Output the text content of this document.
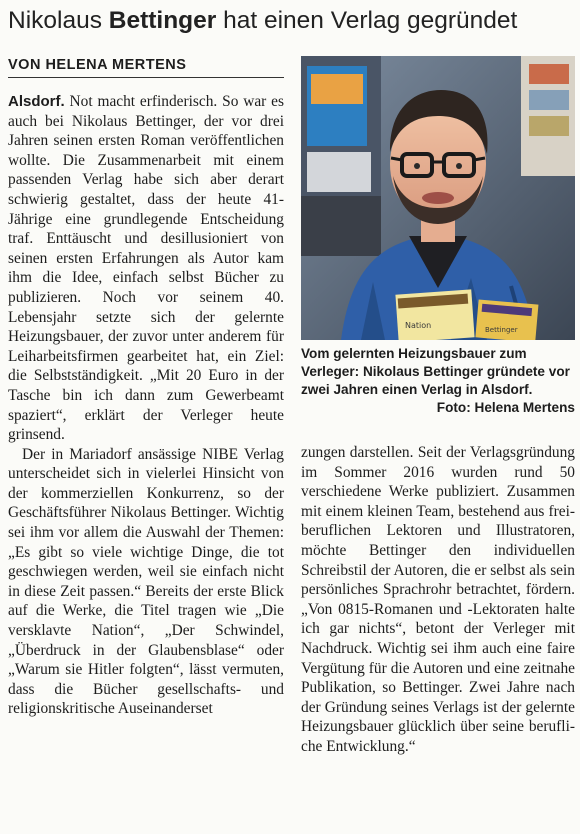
Nikolaus Bettinger hat einen Verlag gegründet
VON HELENA MERTENS

Alsdorf. Not macht erfinderisch. So war es auch bei Nikolaus Bettinger, der vor drei Jahren seinen ersten Roman veröffentlichen wollte. Die Zusammenarbeit mit einem passenden Verlag habe sich aber derart schwierig gestaltet, dass der heute 41-Jährige eine grundlegende Entscheidung traf. Enttäuscht und desillusioniert von seinen ersten Erfahrungen als Autor kam ihm die Idee, einfach selbst Bücher zu publizieren. Noch vor seinem 40. Lebensjahr setzte sich der gelernte Heizungsbauer, der zuvor unter anderem für Leiharbeitsfirmen gearbeitet hat, ein Ziel: die Selbstständigkeit. „Mit 20 Euro in der Tasche bin ich dann zum Gewerbeamt spaziert“, erklärt der Verleger heute grinsend.

Der in Mariadorf ansässige NIBE Verlag unterscheidet sich in vielerlei Hinsicht von der kommerziellen Konkurrenz, so der Geschäftsführer Nikolaus Bettinger. Wichtig sei ihm vor allem die Auswahl der Themen: „Es gibt so viele wichtige Dinge, die tot geschwiegen werden, weil sie einfach nicht in diese Zeit passen.“ Bereits der erste Blick auf die Werke, die Titel tragen wie „Die versklavte Nation“, „Der Schwindel, „Überdruck in der Glaubensblase“ oder „Warum sie Hitler folgten“, lässt vermuten, dass die Bücher gesellschafts- und religionskritische Auseinanderset

Nation	Bettinger
Vom gelernten Heizungsbauer zum Verleger: Nikolaus Bettinger gründete vor zwei Jahren einen Verlag in Alsdorf.
Foto: Helena Mertens

zungen darstellen. Seit der Verlagsgründung im Sommer 2016 wurden rund 50 verschiedene Werke publiziert. Zusammen mit einem kleinen Team, bestehend aus freiberuflichen Lektoren und Illustratoren, möchte Bettinger den individuellen Schreibstil der Autoren, die er selbst als sein persönliches Sprachrohr betrachtet, fördern. „Von 0815-Romanen und -Lektoraten halte ich gar nichts“, betont der Verleger mit Nachdruck. Wichtig sei ihm auch eine faire Vergütung für die Autoren und eine zeitnahe Publikation, so Bettinger. Zwei Jahre nach der Gründung seines Verlags ist der gelernte Heizungsbauer glücklich über seine berufliche Entwicklung.“
